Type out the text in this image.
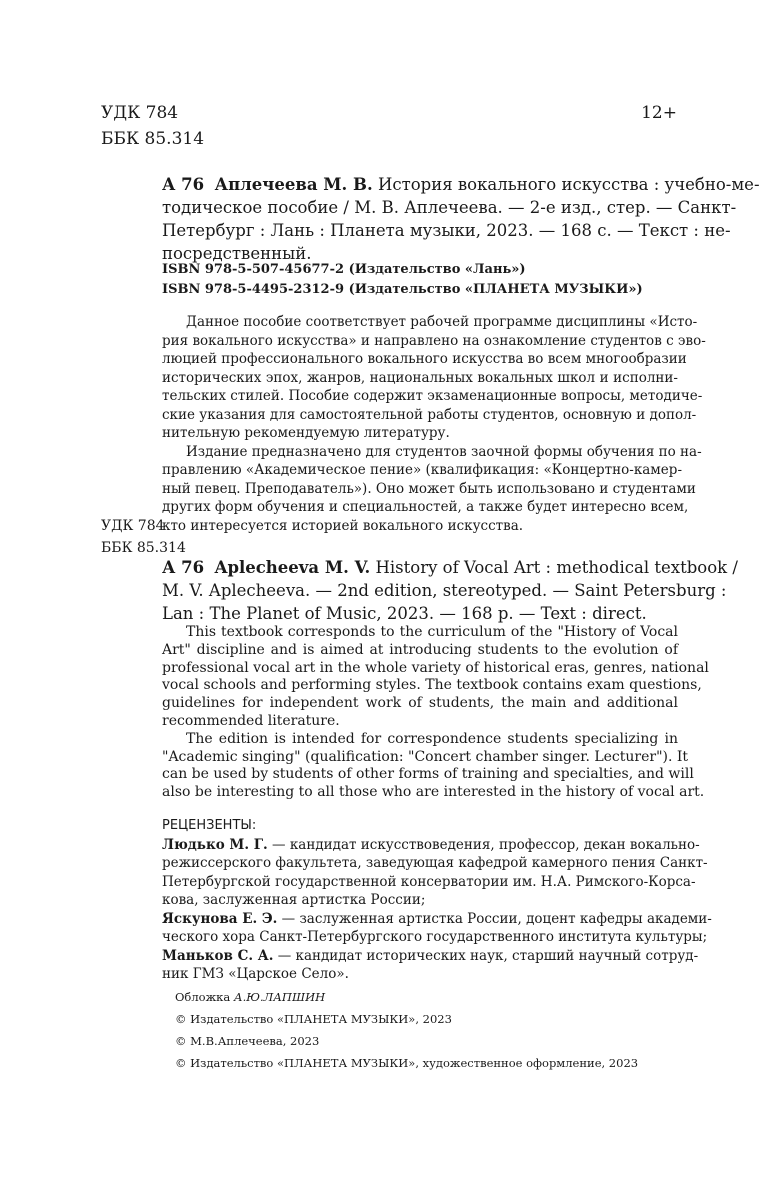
УДК 784
ББК 85.314
12+
А 76 Аплечеева М. В. История вокального искусства : учебно-ме-
тодическое пособие / М. В. Аплечеева. — 2-е изд., стер. — Санкт-
Петербург : Лань : Планета музыки, 2023. — 168 с. — Текст : не-
посредственный.
ISBN 978-5-507-45677-2 (Издательство «Лань»)
ISBN 978-5-4495-2312-9 (Издательство «ПЛАНЕТА МУЗЫКИ»)
Данное пособие соответствует рабочей программе дисциплины «Исто-
рия вокального искусства» и направлено на ознакомление студентов с эво-
люцией профессионального вокального искусства во всем многообразии
исторических эпох, жанров, национальных вокальных школ и исполни-
тельских стилей. Пособие содержит экзаменационные вопросы, методиче-
ские указания для самостоятельной работы студентов, основную и допол-
нительную рекомендуемую литературу.
Издание предназначено для студентов заочной формы обучения по на-
правлению «Академическое пение» (квалификация: «Концертно-камер-
ный певец. Преподаватель»). Оно может быть использовано и студентами
других форм обучения и специальностей, а также будет интересно всем,
кто интересуется историей вокального искусства.
УДК 784
ББК 85.314
А 76 Aplecheeva M. V. History of Vocal Art : methodical textbook /
M. V. Aplecheeva. — 2nd edition, stereotyped. — Saint Petersburg :
Lan : The Planet of Music, 2023. — 168 p. — Text : direct.
This textbook corresponds to the curriculum of the "History of Vocal
Art" discipline and is aimed at introducing students to the evolution of
professional vocal art in the whole variety of historical eras, genres, national
vocal schools and performing styles. The textbook contains exam questions,
guidelines for independent work of students, the main and additional
recommended literature.
The edition is intended for correspondence students specializing in
"Academic singing" (qualification: "Concert chamber singer. Lecturer"). It
can be used by students of other forms of training and specialties, and will
also be interesting to all those who are interested in the history of vocal art.
РЕЦЕНЗЕНТЫ:
Людько М. Г. — кандидат искусствоведения, профессор, декан вокально-
режиссерского факультета, заведующая кафедрой камерного пения Санкт-
Петербургской государственной консерватории им. Н.А. Римского-Корса-
кова, заслуженная артистка России;
Яскунова Е. Э. — заслуженная артистка России, доцент кафедры академи-
ческого хора Санкт-Петербургского государственного института культуры;
Маньков С. А. — кандидат исторических наук, старший научный сотруд-
ник ГМЗ «Царское Село».
Обложка А.Ю.ЛАПШИН
© Издательство «ПЛАНЕТА МУЗЫКИ», 2023
© М.В.Аплечеева, 2023
© Издательство «ПЛАНЕТА МУЗЫКИ», художественное оформление, 2023
